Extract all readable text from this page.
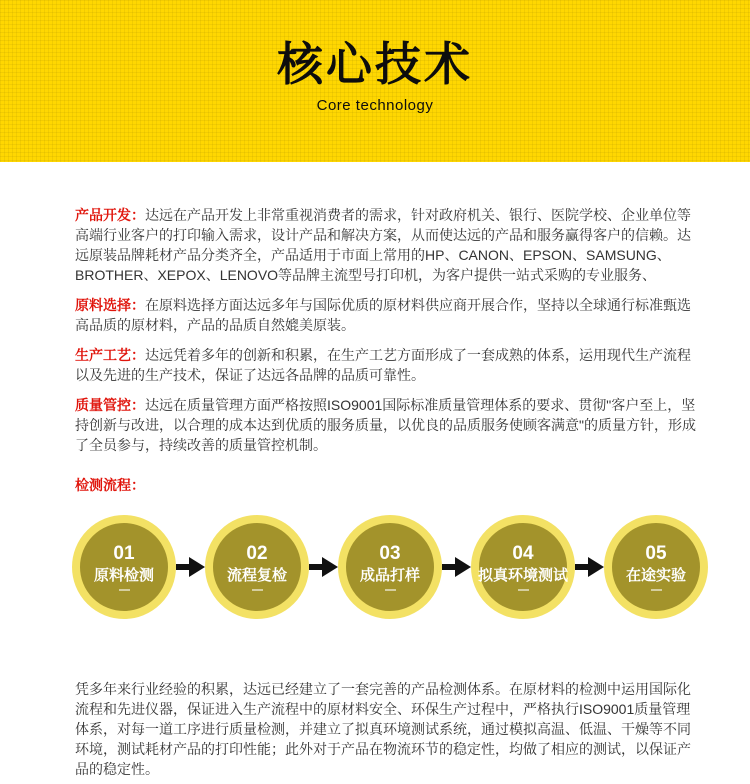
核心技术
Core technology

产品开发：达远在产品开发上非常重视消费者的需求，针对政府机关、银行、医院学校、企业单位等高端行业客户的打印输入需求，设计产品和解决方案，从而使达远的产品和服务赢得客户的信赖。达远原装品牌耗材产品分类齐全，产品适用于市面上常用的HP、CANON、EPSON、SAMSUNG、BROTHER、XEPOX、LENOVO等品牌主流型号打印机，为客户提供一站式采购的专业服务、

原料选择：在原料选择方面达远多年与国际优质的原材料供应商开展合作，坚持以全球通行标准甄选高品质的原材料，产品的品质自然媲美原装。

生产工艺：达远凭着多年的创新和积累，在生产工艺方面形成了一套成熟的体系，运用现代生产流程以及先进的生产技术，保证了达远各品牌的品质可靠性。

质量管控：达远在质量管理方面严格按照ISO9001国际标准质量管理体系的要求、贯彻"客户至上，坚持创新与改进，以合理的成本达到优质的服务质量，以优良的品质服务使顾客满意"的质量方针，形成了全员参与，持续改善的质量管控机制。

检测流程：

01
原料检测
02
流程复检
03
成品打样
04
拟真环境测试
05
在途实验

凭多年来行业经验的积累，达远已经建立了一套完善的产品检测体系。在原材料的检测中运用国际化流程和先进仪器，保证进入生产流程中的原材料安全、环保生产过程中，严格执行ISO9001质量管理体系，对每一道工序进行质量检测，并建立了拟真环境测试系统，通过模拟高温、低温、干燥等不同环境，测试耗材产品的打印性能；此外对于产品在物流环节的稳定性，均做了相应的测试，以保证产品的稳定性。
